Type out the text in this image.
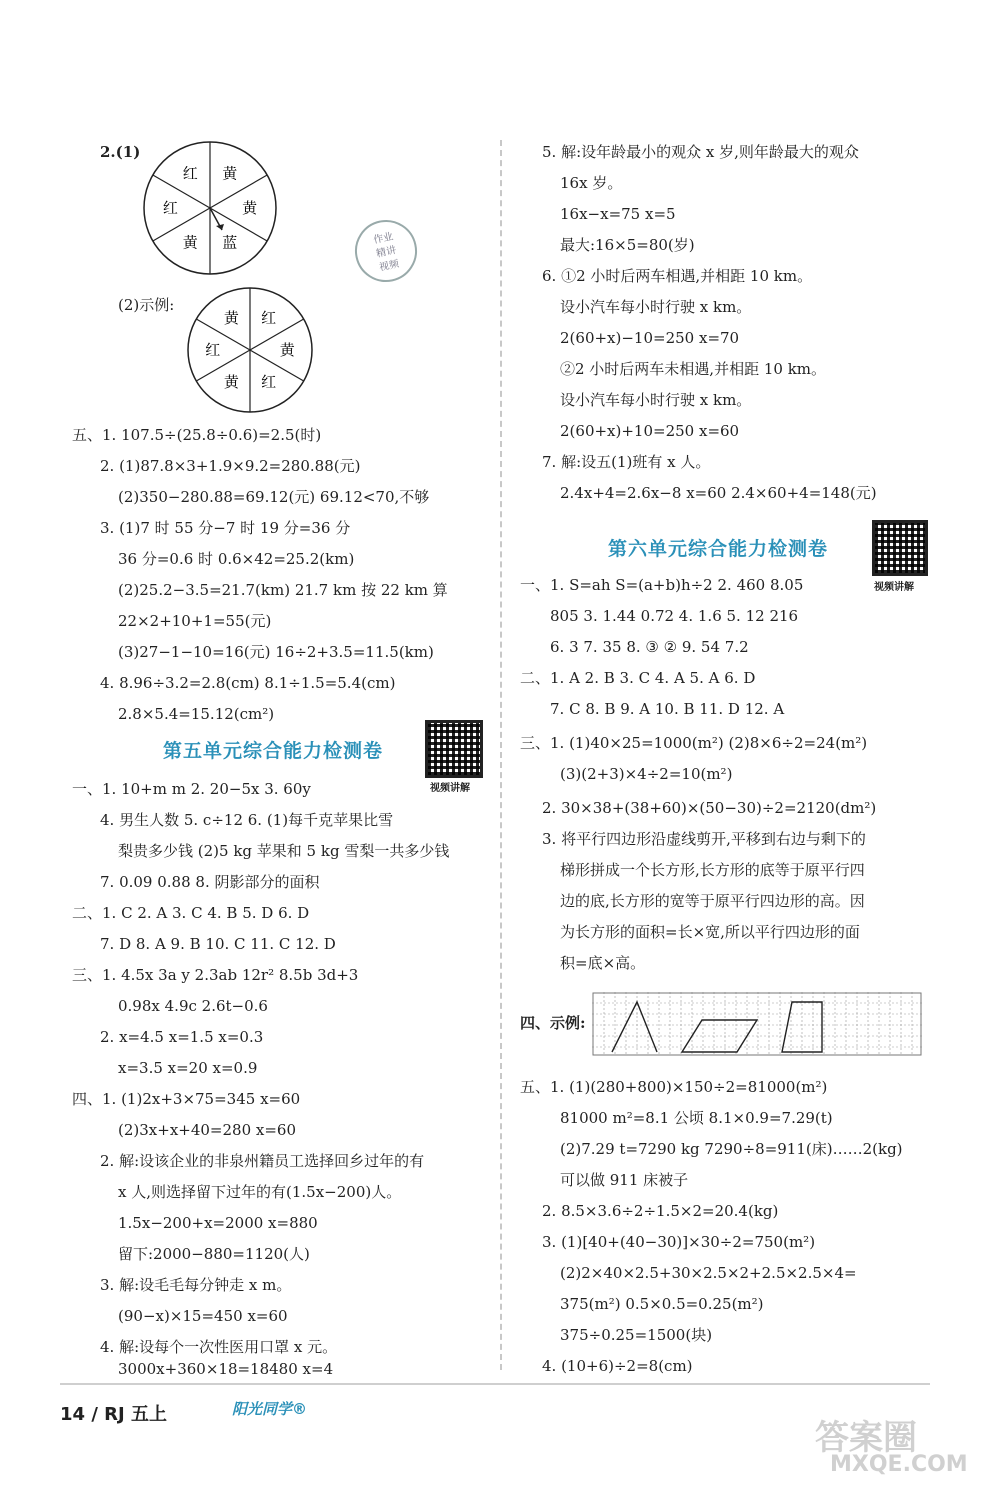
2.(1)
黄
黄
蓝
黄
红
红
作业
精讲
视频
(2)示例:
红
黄
红
黄
红
黄
五、1. 107.5÷(25.8÷0.6)=2.5(时)
2. (1)87.8×3+1.9×9.2=280.88(元)
(2)350−280.88=69.12(元) 69.12<70,不够
3. (1)7 时 55 分−7 时 19 分=36 分
36 分=0.6 时 0.6×42=25.2(km)
(2)25.2−3.5=21.7(km) 21.7 km 按 22 km 算
22×2+10+1=55(元)
(3)27−1−10=16(元) 16÷2+3.5=11.5(km)
4. 8.96÷3.2=2.8(cm) 8.1÷1.5=5.4(cm)
2.8×5.4=15.12(cm²)
第五单元综合能力检测卷
视频讲解
一、1. 10+m m 2. 20−5x 3. 60y
4. 男生人数 5. c÷12 6. (1)每千克苹果比雪
梨贵多少钱 (2)5 kg 苹果和 5 kg 雪梨一共多少钱
7. 0.09 0.88 8. 阴影部分的面积
二、1. C 2. A 3. C 4. B 5. D 6. D
7. D 8. A 9. B 10. C 11. C 12. D
三、1. 4.5x 3a y 2.3ab 12r² 8.5b 3d+3
0.98x 4.9c 2.6t−0.6
2. x=4.5 x=1.5 x=0.3
x=3.5 x=20 x=0.9
四、1. (1)2x+3×75=345 x=60
(2)3x+x+40=280 x=60
2. 解:设该企业的非泉州籍员工选择回乡过年的有
x 人,则选择留下过年的有(1.5x−200)人。
1.5x−200+x=2000 x=880
留下:2000−880=1120(人)
3. 解:设毛毛每分钟走 x m。
(90−x)×15=450 x=60
4. 解:设每个一次性医用口罩 x 元。
3000x+360×18=18480 x=4
5. 解:设年龄最小的观众 x 岁,则年龄最大的观众
16x 岁。
16x−x=75 x=5
最大:16×5=80(岁)
6. ①2 小时后两车相遇,并相距 10 km。
设小汽车每小时行驶 x km。
2(60+x)−10=250 x=70
②2 小时后两车未相遇,并相距 10 km。
设小汽车每小时行驶 x km。
2(60+x)+10=250 x=60
7. 解:设五(1)班有 x 人。
2.4x+4=2.6x−8 x=60 2.4×60+4=148(元)
第六单元综合能力检测卷
视频讲解
一、1. S=ah S=(a+b)h÷2 2. 460 8.05
805 3. 1.44 0.72 4. 1.6 5. 12 216
6. 3 7. 35 8. ③ ② 9. 54 7.2
二、1. A 2. B 3. C 4. A 5. A 6. D
7. C 8. B 9. A 10. B 11. D 12. A
三、1. (1)40×25=1000(m²) (2)8×6÷2=24(m²)
(3)(2+3)×4÷2=10(m²)
2. 30×38+(38+60)×(50−30)÷2=2120(dm²)
3. 将平行四边形沿虚线剪开,平移到右边与剩下的
梯形拼成一个长方形,长方形的底等于原平行四
边的底,长方形的宽等于原平行四边形的高。因
为长方形的面积=长×宽,所以平行四边形的面
积=底×高。
四、示例:
五、1. (1)(280+800)×150÷2=81000(m²)
81000 m²=8.1 公顷 8.1×0.9=7.29(t)
(2)7.29 t=7290 kg 7290÷8=911(床)……2(kg)
可以做 911 床被子
2. 8.5×3.6÷2÷1.5×2=20.4(kg)
3. (1)[40+(40−30)]×30÷2=750(m²)
(2)2×40×2.5+30×2.5×2+2.5×2.5×4=
375(m²) 0.5×0.5=0.25(m²)
375÷0.25=1500(块)
4. (10+6)÷2=8(cm)
14 / RJ 五上	阳光同学®
答案圈
MXQE.COM
